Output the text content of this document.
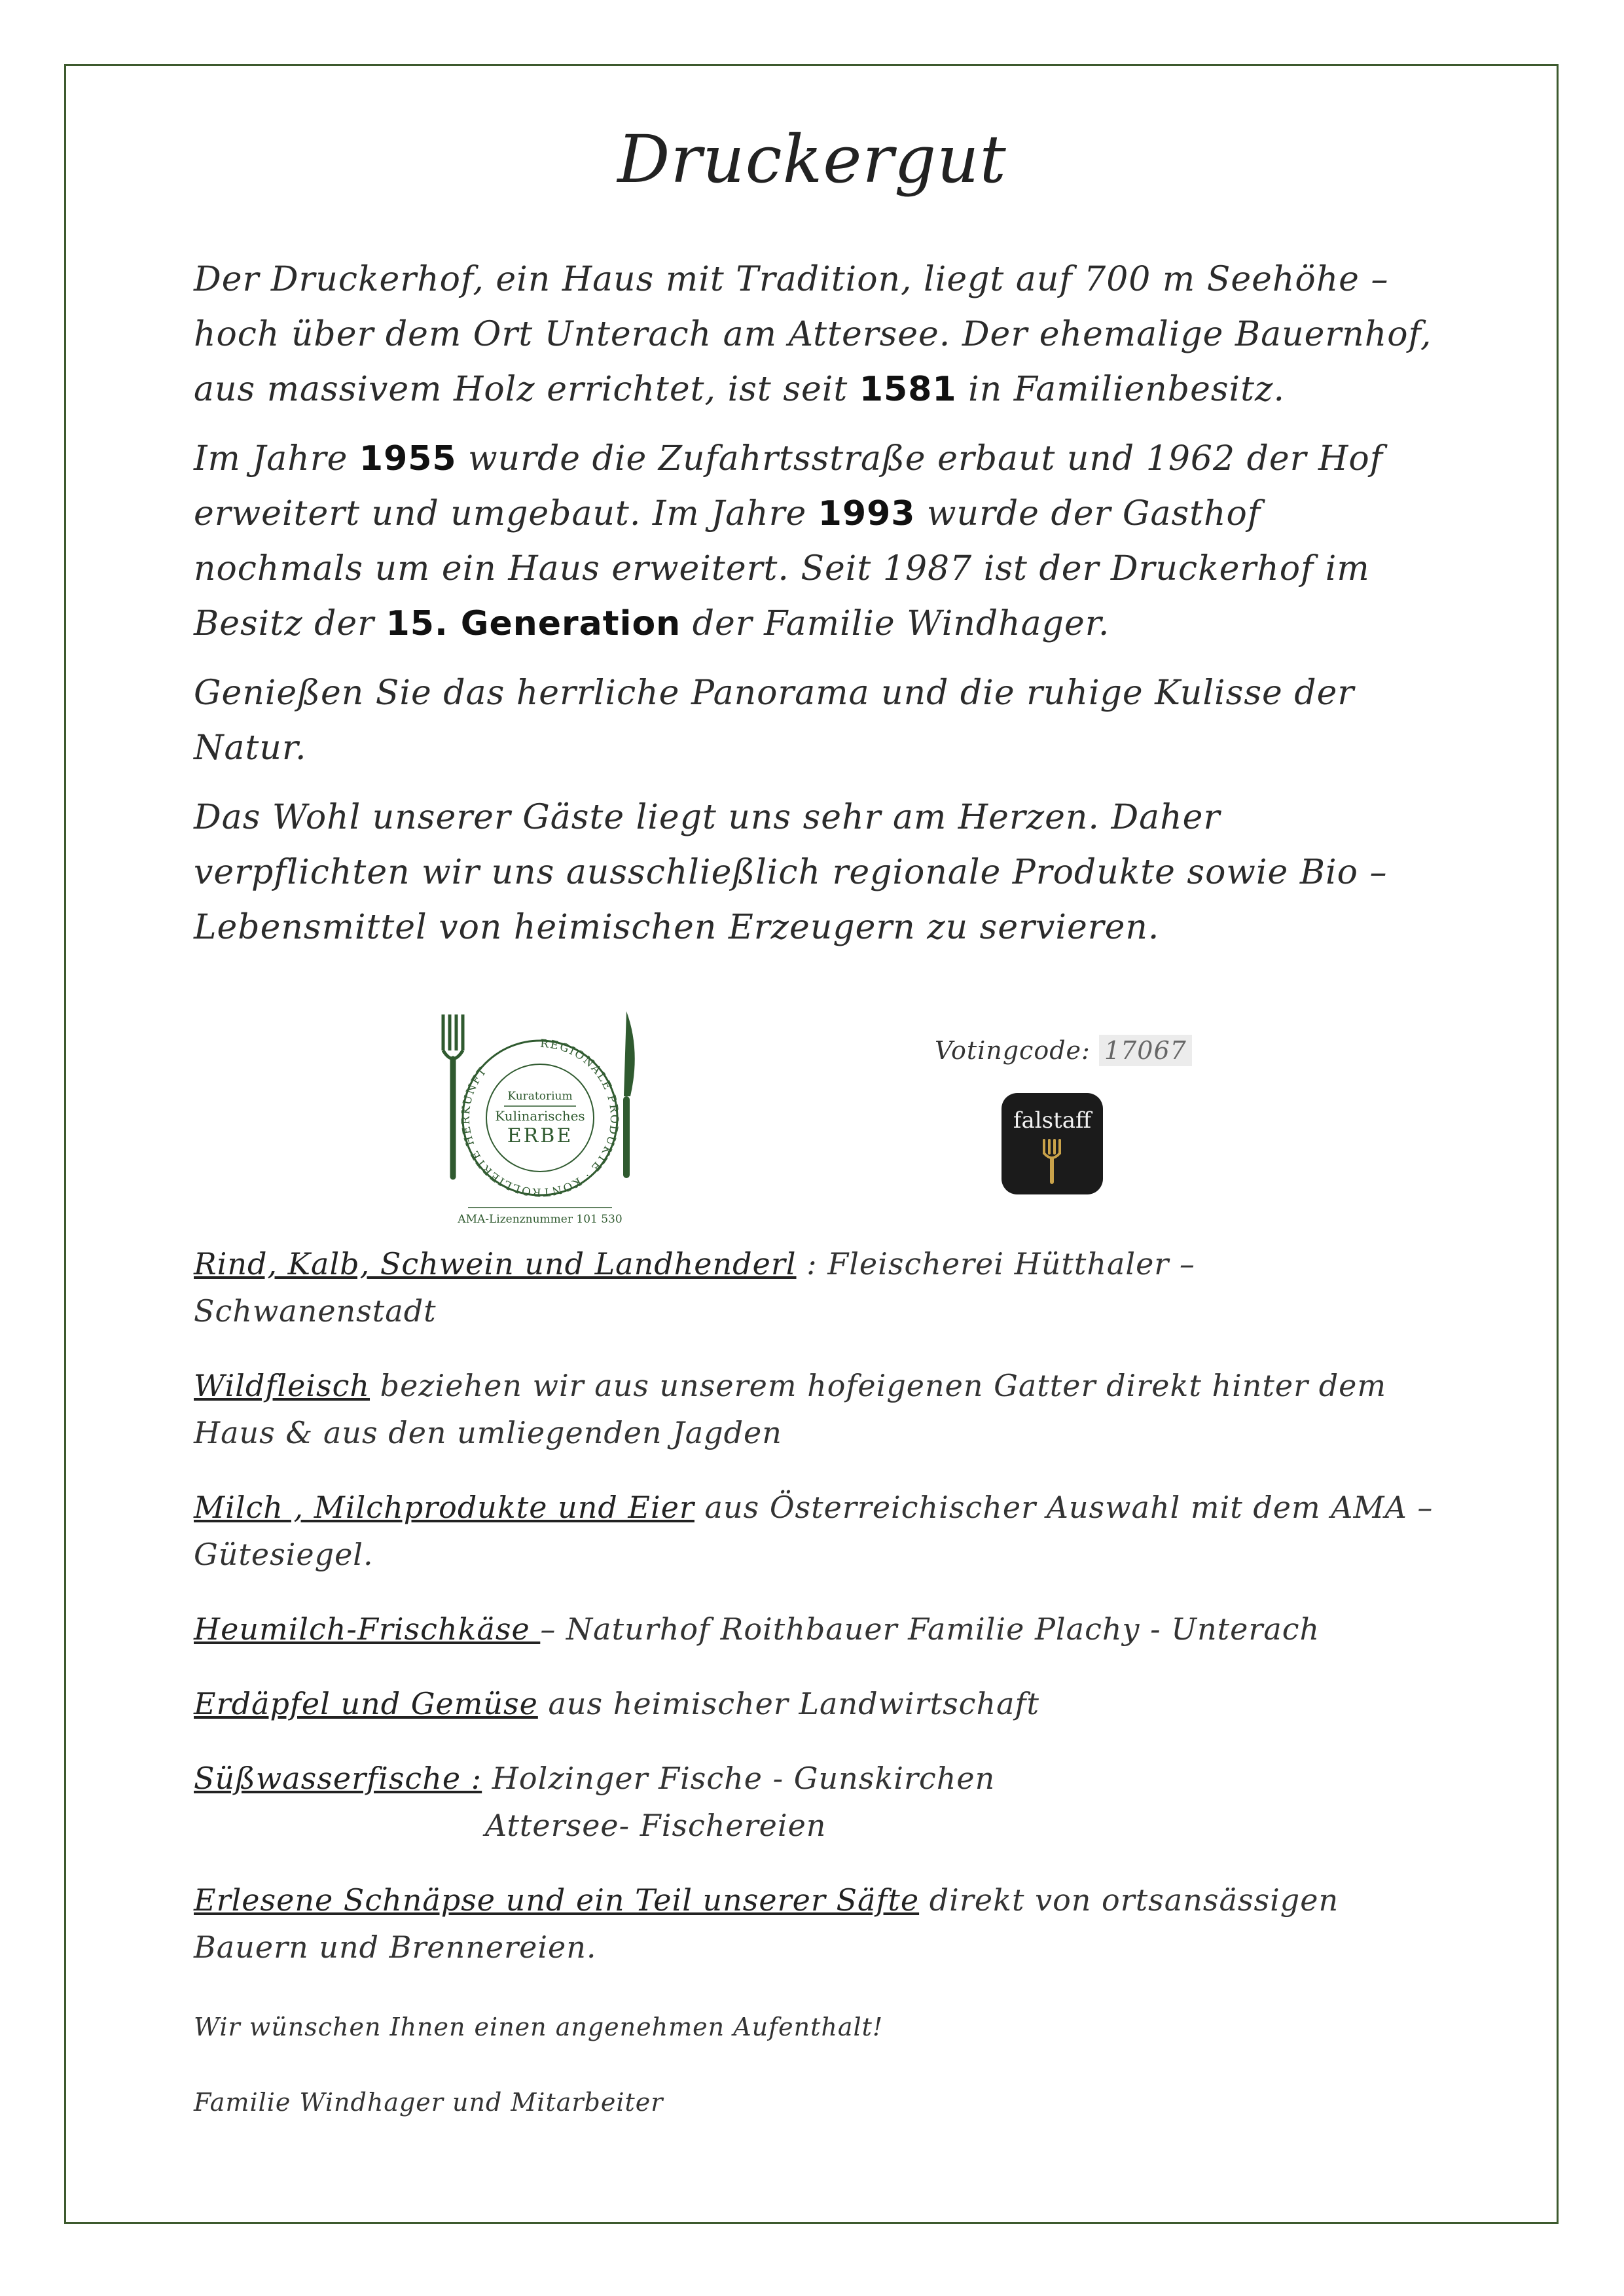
Druckergut

Der Druckerhof, ein Haus mit Tradition, liegt auf 700 m Seehöhe – hoch über dem Ort Unterach am Attersee. Der ehemalige Bauernhof, aus massivem Holz errichtet, ist seit 1581 in Familienbesitz.

Im Jahre 1955 wurde die Zufahrtsstraße erbaut und 1962 der Hof erweitert und umgebaut. Im Jahre 1993 wurde der Gasthof nochmals um ein Haus erweitert. Seit 1987 ist der Druckerhof im Besitz der 15. Generation der Familie Windhager.

Genießen Sie das herrliche Panorama und die ruhige Kulisse der Natur.

Das Wohl unserer Gäste liegt uns sehr am Herzen. Daher verpflichten wir uns ausschließlich regionale Produkte sowie Bio – Lebensmittel von heimischen Erzeugern zu servieren.

REGIONALE PRODUKTE · KONTROLLIERTE HERKUNFT
Kuratorium
Kulinarisches
ERBE
AMA-Lizenznummer 101 530
Votingcode: 17067
falstaff

Rind, Kalb, Schwein und Landhenderl : Fleischerei Hütthaler – Schwanenstadt

Wildfleisch beziehen wir aus unserem hofeigenen Gatter direkt hinter dem Haus & aus den umliegenden Jagden

Milch , Milchprodukte und Eier aus Österreichischer Auswahl mit dem AMA – Gütesiegel.

Heumilch-Frischkäse – Naturhof Roithbauer Familie Plachy - Unterach

Erdäpfel und Gemüse aus heimischer Landwirtschaft

Süßwasserfische : Holzinger Fische - Gunskirchen
Attersee- Fischereien

Erlesene Schnäpse und ein Teil unserer Säfte direkt von ortsansässigen Bauern und Brennereien.

Wir wünschen Ihnen einen angenehmen Aufenthalt!
Familie Windhager und Mitarbeiter
